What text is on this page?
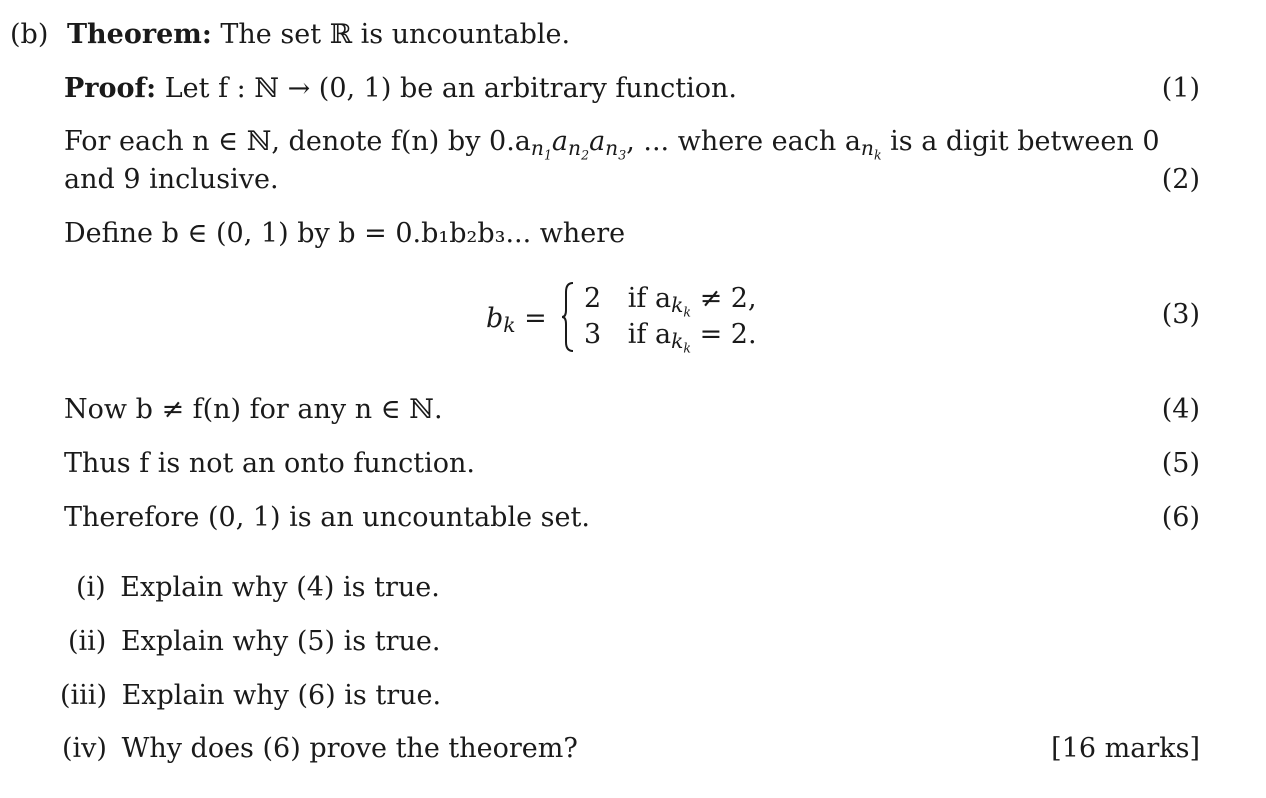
(b) Theorem: The set ℝ is uncountable.
Proof: Let f : ℕ → (0, 1) be an arbitrary function.	(1)
For each n ∈ ℕ, denote f(n) by $0.a_{n_1}a_{n_2}a_{n_3}$, ... where each $a_{n_k}$ is a digit between 0
and 9 inclusive.	(2)
Define b ∈ (0, 1) by b = 0.b₁b₂b₃... where
$b_k$ =
2 if $a_{k_k} \ne 2$,
3 if $a_{k_k} = 2$.
(3)
Now b ≠ f(n) for any n ∈ ℕ.	(4)
Thus f is not an onto function.	(5)
Therefore (0, 1) is an uncountable set.	(6)
(i) Explain why (4) is true.
(ii) Explain why (5) is true.
(iii) Explain why (6) is true.
(iv) Why does (6) prove the theorem?	[16 marks]
